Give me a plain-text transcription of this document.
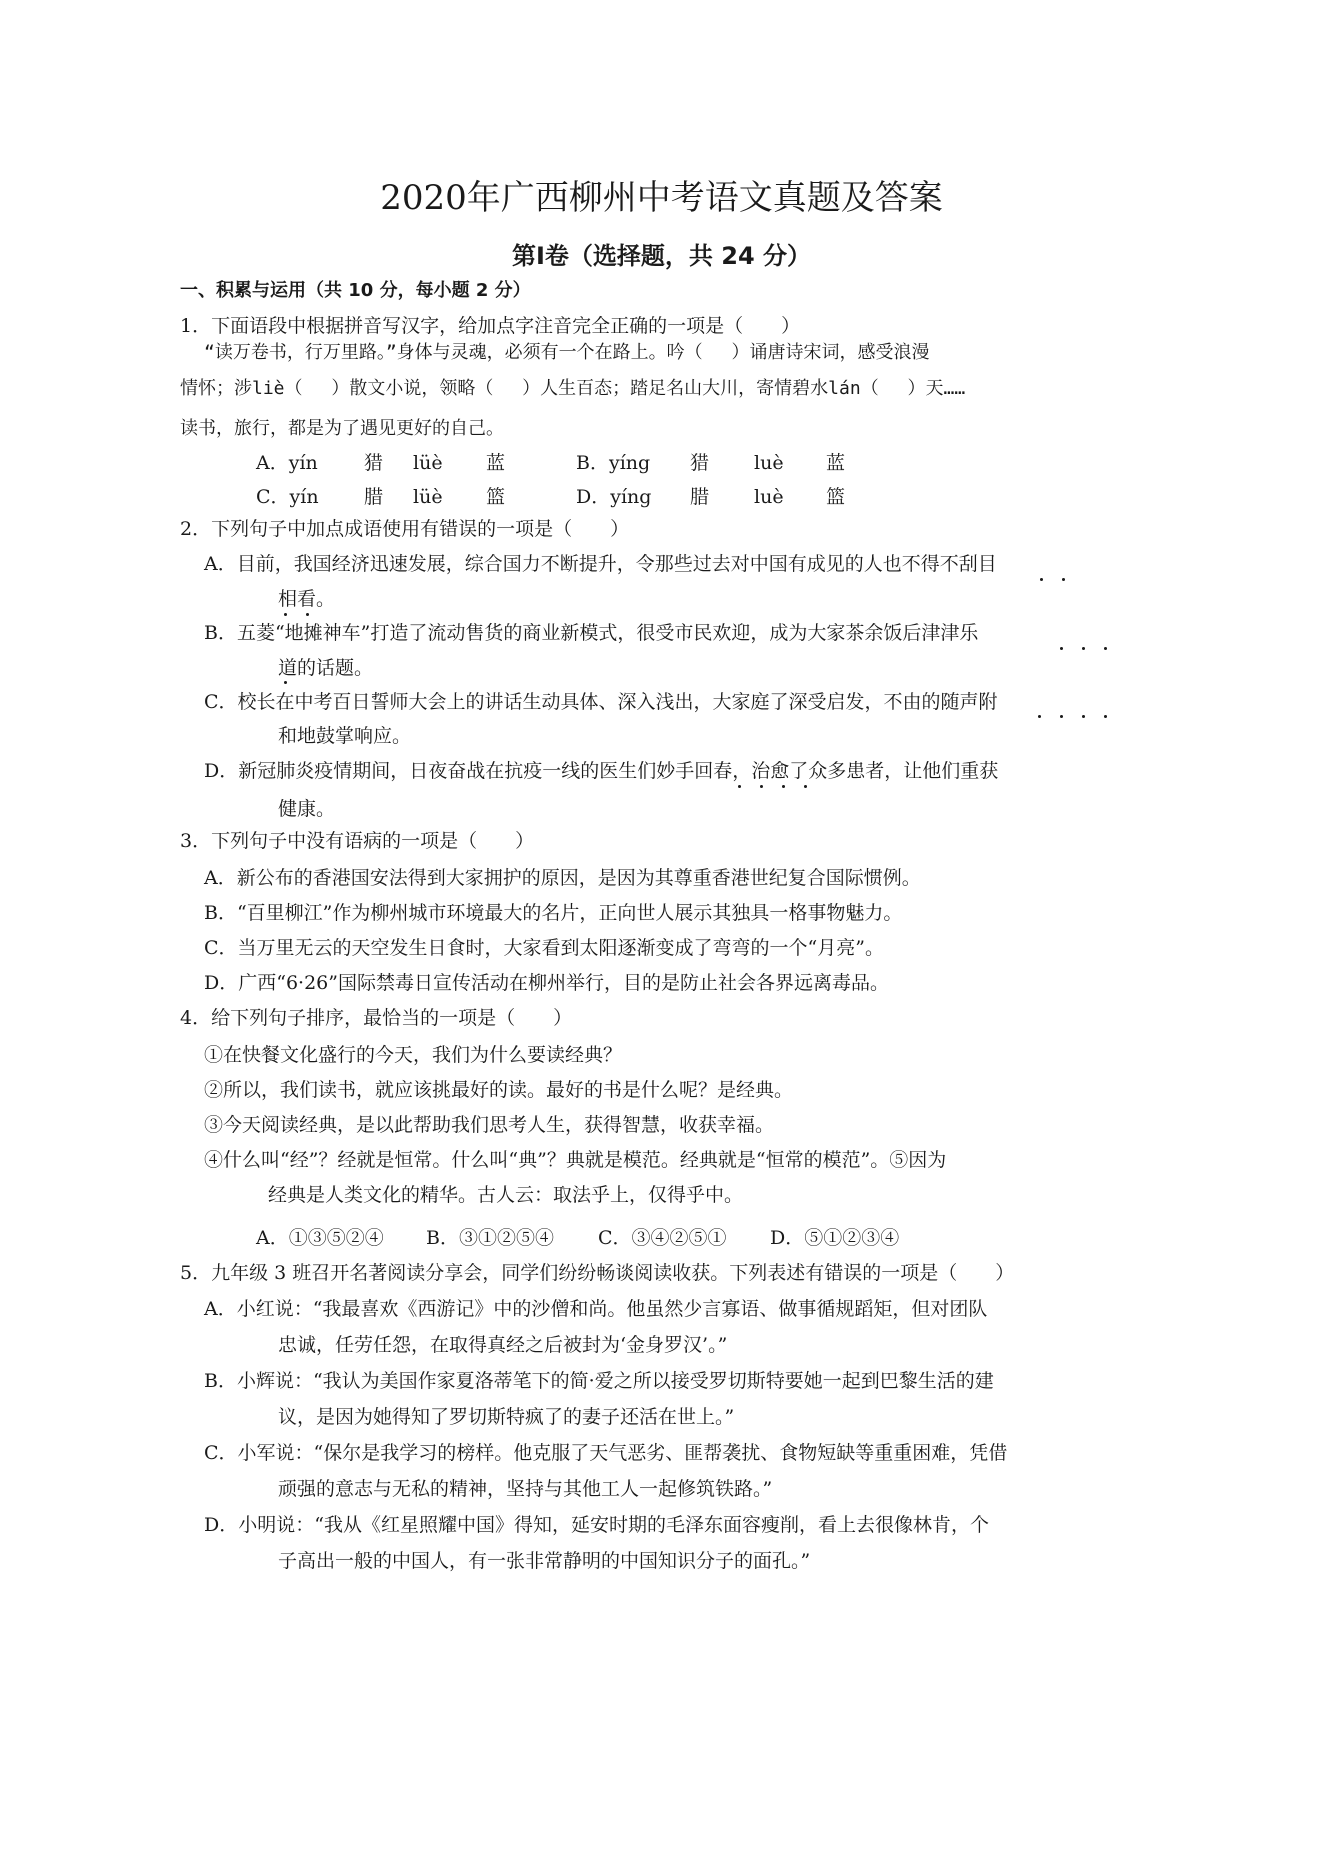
2020年广西柳州中考语文真题及答案
第Ⅰ卷（选择题，共 24 分）
一、积累与运用（共 10 分，每小题 2 分）
1．下面语段中根据拼音写汉字，给加点字注音完全正确的一项是（　　）
“读万卷书，行万里路。”身体与灵魂，必须有一个在路上。吟（　 ）诵唐诗宋词，感受浪漫
情怀；涉liè（　 ）散文小说，领略（　 ）人生百态；踏足名山大川，寄情碧水lán（　 ）天……
读书，旅行，都是为了遇见更好的自己。
A．yín 猎 lüè 蓝	B．yíng 猎 luè 蓝
C．yín 腊 lüè 篮	D．yíng 腊 luè 篮
2．下列句子中加点成语使用有错误的一项是（　　）
A．目前，我国经济迅速发展，综合国力不断提升，令那些过去对中国有成见的人也不得不刮目
相看。
B．五菱“地摊神车”打造了流动售货的商业新模式，很受市民欢迎，成为大家茶余饭后津津乐
道的话题。
C．校长在中考百日誓师大会上的讲话生动具体、深入浅出，大家庭了深受启发，不由的随声附
和地鼓掌响应。
D．新冠肺炎疫情期间，日夜奋战在抗疫一线的医生们妙手回春，治愈了众多患者，让他们重获
健康。
3．下列句子中没有语病的一项是（　　）
A．新公布的香港国安法得到大家拥护的原因，是因为其尊重香港世纪复合国际惯例。
B．“百里柳江”作为柳州城市环境最大的名片，正向世人展示其独具一格事物魅力。
C．当万里无云的天空发生日食时，大家看到太阳逐渐变成了弯弯的一个“月亮”。
D．广西“6·26”国际禁毒日宣传活动在柳州举行，目的是防止社会各界远离毒品。
4．给下列句子排序，最恰当的一项是（　　）
①在快餐文化盛行的今天，我们为什么要读经典？
②所以，我们读书，就应该挑最好的读。最好的书是什么呢？是经典。
③今天阅读经典，是以此帮助我们思考人生，获得智慧，收获幸福。
④什么叫“经”？经就是恒常。什么叫“典”？典就是模范。经典就是“恒常的模范”。⑤因为
经典是人类文化的精华。古人云：取法乎上，仅得乎中。
A．①③⑤②④ B．③①②⑤④ C．③④②⑤① D．⑤①②③④
5．九年级 3 班召开名著阅读分享会，同学们纷纷畅谈阅读收获。下列表述有错误的一项是（　　）
A．小红说：“我最喜欢《西游记》中的沙僧和尚。他虽然少言寡语、做事循规蹈矩，但对团队
忠诚，任劳任怨，在取得真经之后被封为‘金身罗汉’。”
B．小辉说：“我认为美国作家夏洛蒂笔下的简·爱之所以接受罗切斯特要她一起到巴黎生活的建
议，是因为她得知了罗切斯特疯了的妻子还活在世上。”
C．小军说：“保尔是我学习的榜样。他克服了天气恶劣、匪帮袭扰、食物短缺等重重困难，凭借
顽强的意志与无私的精神，坚持与其他工人一起修筑铁路。”
D．小明说：“我从《红星照耀中国》得知，延安时期的毛泽东面容瘦削，看上去很像林肯，个
子高出一般的中国人，有一张非常静明的中国知识分子的面孔。”
